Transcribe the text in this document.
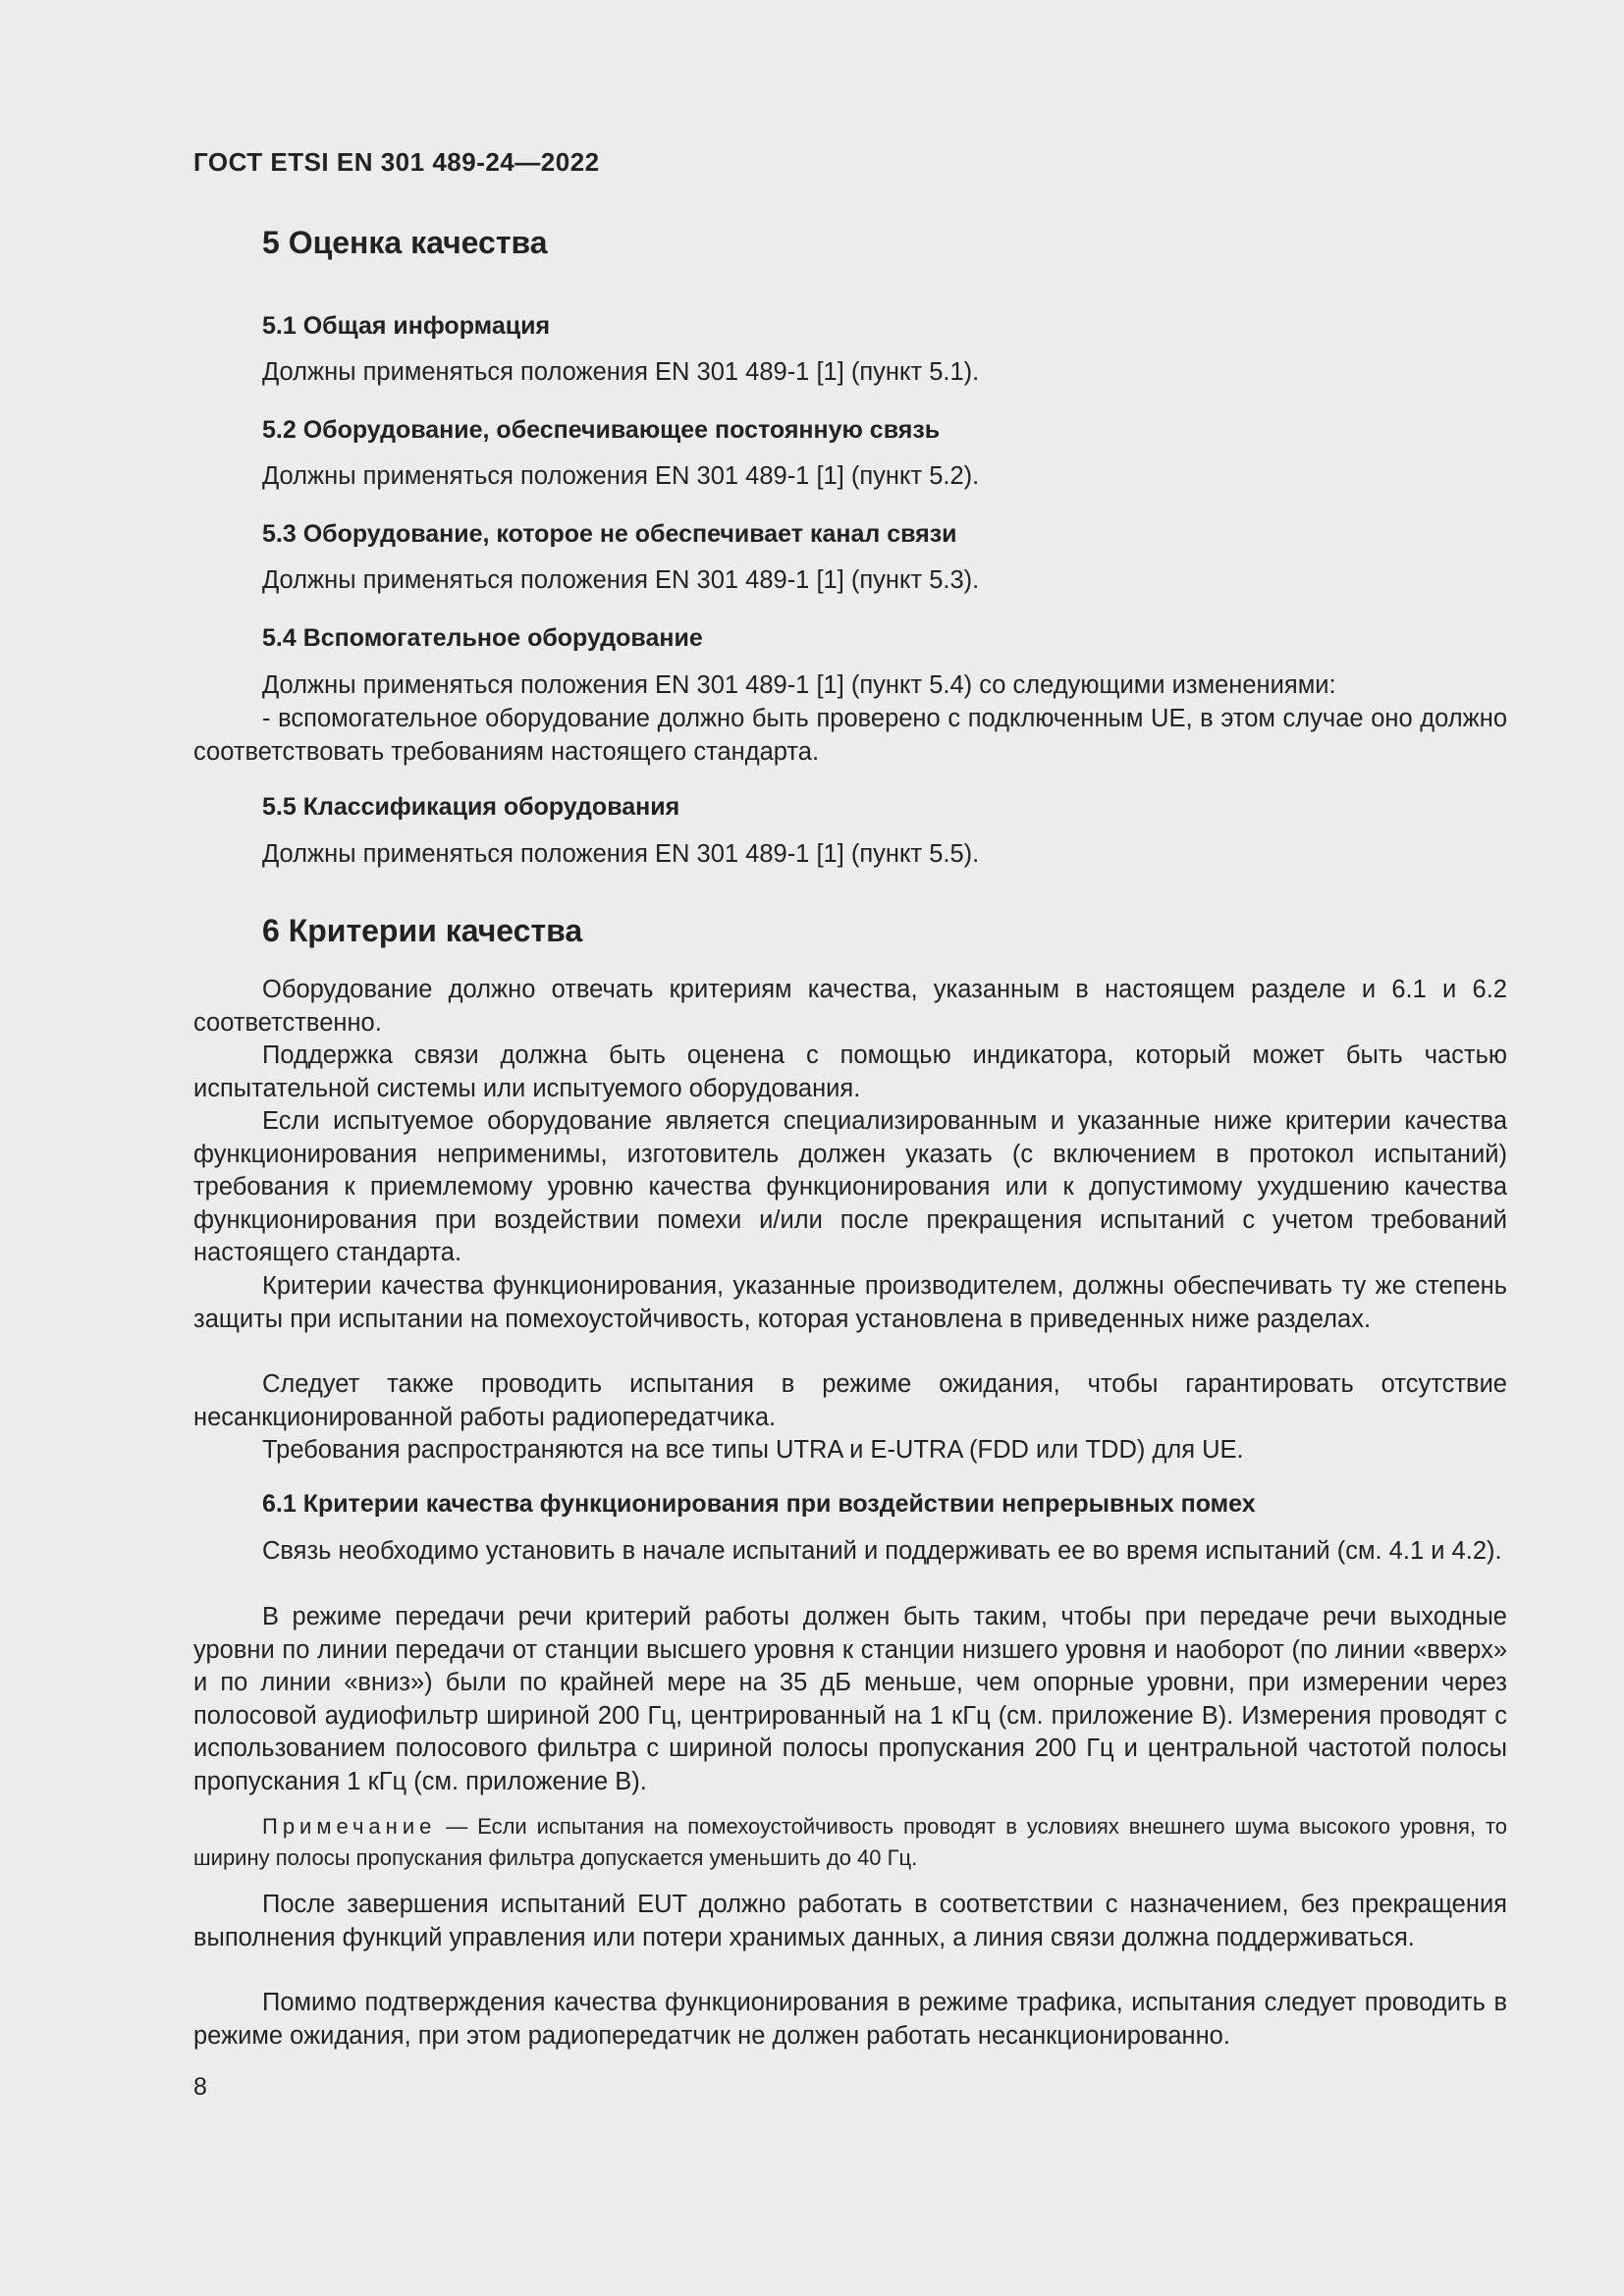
ГОСТ ETSI EN 301 489-24—2022
5 Оценка качества
5.1 Общая информация

Должны применяться положения EN 301 489-1 [1] (пункт 5.1).

5.2 Оборудование, обеспечивающее постоянную связь

Должны применяться положения EN 301 489-1 [1] (пункт 5.2).

5.3 Оборудование, которое не обеспечивает канал связи

Должны применяться положения EN 301 489-1 [1] (пункт 5.3).

5.4 Вспомогательное оборудование

Должны применяться положения EN 301 489-1 [1] (пункт 5.4) со следующими изменениями:

- вспомогательное оборудование должно быть проверено с подключенным UE, в этом случае оно должно соответствовать требованиям настоящего стандарта.

5.5 Классификация оборудования

Должны применяться положения EN 301 489-1 [1] (пункт 5.5).

6 Критерии качества

Оборудование должно отвечать критериям качества, указанным в настоящем разделе и 6.1 и 6.2 соответственно.

Поддержка связи должна быть оценена с помощью индикатора, который может быть частью испытательной системы или испытуемого оборудования.

Если испытуемое оборудование является специализированным и указанные ниже критерии качества функционирования неприменимы, изготовитель должен указать (с включением в протокол испытаний) требования к приемлемому уровню качества функционирования или к допустимому ухудшению качества функционирования при воздействии помехи и/или после прекращения испытаний с учетом требований настоящего стандарта.

Критерии качества функционирования, указанные производителем, должны обеспечивать ту же степень защиты при испытании на помехоустойчивость, которая установлена в приведенных ниже разделах.

Следует также проводить испытания в режиме ожидания, чтобы гарантировать отсутствие несанкционированной работы радиопередатчика.

Требования распространяются на все типы UTRA и E-UTRA (FDD или TDD) для UE.

6.1 Критерии качества функционирования при воздействии непрерывных помех

Связь необходимо установить в начале испытаний и поддерживать ее во время испытаний (см. 4.1 и 4.2).

В режиме передачи речи критерий работы должен быть таким, чтобы при передаче речи выходные уровни по линии передачи от станции высшего уровня к станции низшего уровня и наоборот (по линии «вверх» и по линии «вниз») были по крайней мере на 35 дБ меньше, чем опорные уровни, при измерении через полосовой аудиофильтр шириной 200 Гц, центрированный на 1 кГц (см. приложение В). Измерения проводят с использованием полосового фильтра с шириной полосы пропускания 200 Гц и центральной частотой полосы пропускания 1 кГц (см. приложение В).

Примечание — Если испытания на помехоустойчивость проводят в условиях внешнего шума высокого уровня, то ширину полосы пропускания фильтра допускается уменьшить до 40 Гц.

После завершения испытаний EUT должно работать в соответствии с назначением, без прекращения выполнения функций управления или потери хранимых данных, а линия связи должна поддерживаться.

Помимо подтверждения качества функционирования в режиме трафика, испытания следует проводить в режиме ожидания, при этом радиопередатчик не должен работать несанкционированно.

8
